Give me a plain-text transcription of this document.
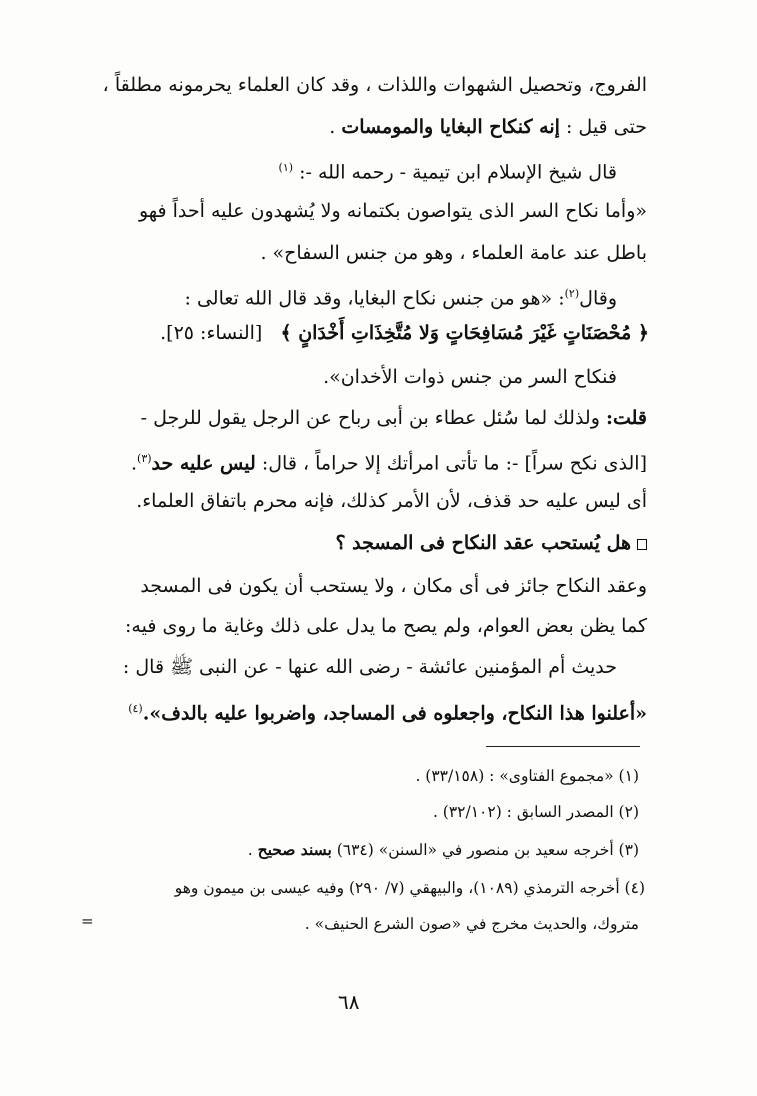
الفروج، وتحصيل الشهوات واللذات ، وقد كان العلماء يحرمونه مطلقاً ،
حتى قيل : إنه كنكاح البغايا والمومسات .
قال شيخ الإسلام ابن تيمية - رحمه الله -: $^{(١)}$
«وأما نكاح السر الذى يتواصون بكتمانه ولا يُشهدون عليه أحداً فهو
باطل عند عامة العلماء ، وهو من جنس السفاح» .
وقال$^{(٢)}$: «هو من جنس نكاح البغايا، وقد قال الله تعالى :
﴿ مُحْصَنَاتٍ غَيْرَ مُسَافِحَاتٍ وَلا مُتَّخِذَاتِ أَخْدَانٍ ﴾   [النساء: ٢٥].
فنكاح السر من جنس ذوات الأخدان».
قلت: ولذلك لما سُئل عطاء بن أبى رباح عن الرجل يقول للرجل -
[الذى نكح سراً] -: ما تأتى امرأتك إلا حراماً ، قال: ليس عليه حد$^{(٣)}$.
أى ليس عليه حد قذف، لأن الأمر كذلك، فإنه محرم باتفاق العلماء.
هل يُستحب عقد النكاح فى المسجد ؟
وعقد النكاح جائز فى أى مكان ، ولا يستحب أن يكون فى المسجد
كما يظن بعض العوام، ولم يصح ما يدل على ذلك وغاية ما روى فيه:
حديث أم المؤمنين عائشة - رضى الله عنها - عن النبى ﷺ قال :
«أعلنوا هذا النكاح، واجعلوه فى المساجد، واضربوا عليه بالدف».$^{(٤)}$
(١) «مجموع الفتاوى» : (٣٣/١٥٨) .
(٢) المصدر السابق : (٣٢/١٠٢) .
(٣) أخرجه سعيد بن منصور في «السنن» (٦٣٤) بسند صحيح .
(٤) أخرجه الترمذي (١٠٨٩)، والبيهقي (٧/ ٢٩٠) وفيه عيسى بن ميمون وهو
متروك، والحديث مخرج في «صون الشرع الحنيف» .
=
٦٨
